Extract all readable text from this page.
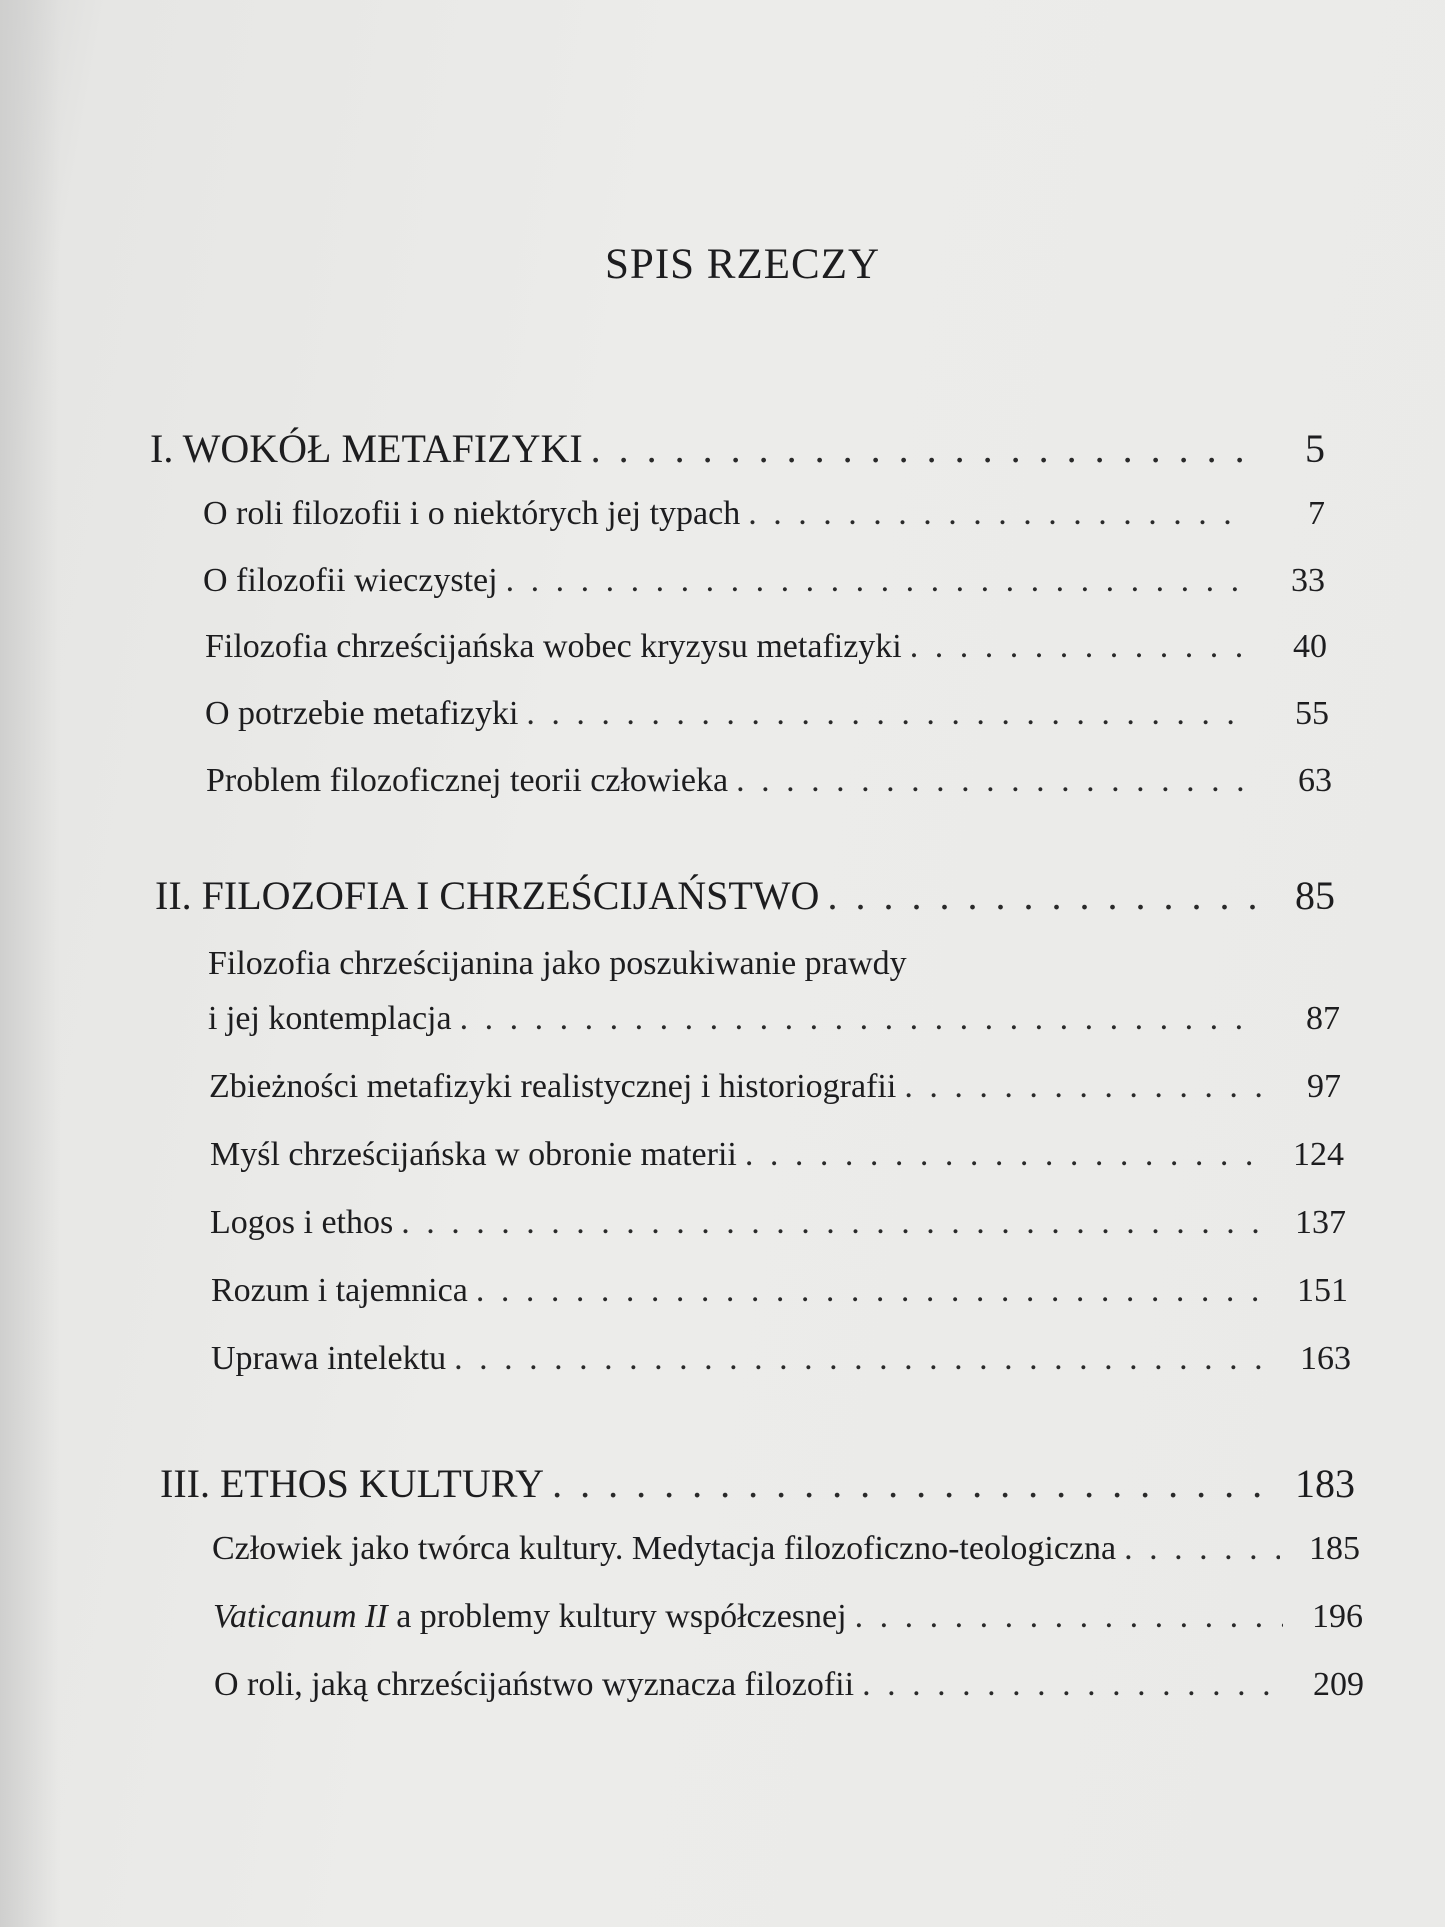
SPIS RZECZY
I. WOKÓŁ METAFIZYKI . . .	5
O roli filozofii i o niektórych jej typach . . .	7
O filozofii wieczystej . . .	33
Filozofia chrześcijańska wobec kryzysu metafizyki . . .	40
O potrzebie metafizyki . . .	55
Problem filozoficznej teorii człowieka . . .	63
II. FILOZOFIA I CHRZEŚCIJAŃSTWO . . .	85
Filozofia chrześcijanina jako poszukiwanie prawdy
i jej kontemplacja . . .	87
Zbieżności metafizyki realistycznej i historiografii . . .	97
Myśl chrześcijańska w obronie materii . . .	124
Logos i ethos . . .	137
Rozum i tajemnica . . .	151
Uprawa intelektu . . .	163
III. ETHOS KULTURY . . .	183
Człowiek jako twórca kultury. Medytacja filozoficzno-teologiczna . . .	185
Vaticanum II a problemy kultury współczesnej . . .	196
O roli, jaką chrześcijaństwo wyznacza filozofii . . .	209
